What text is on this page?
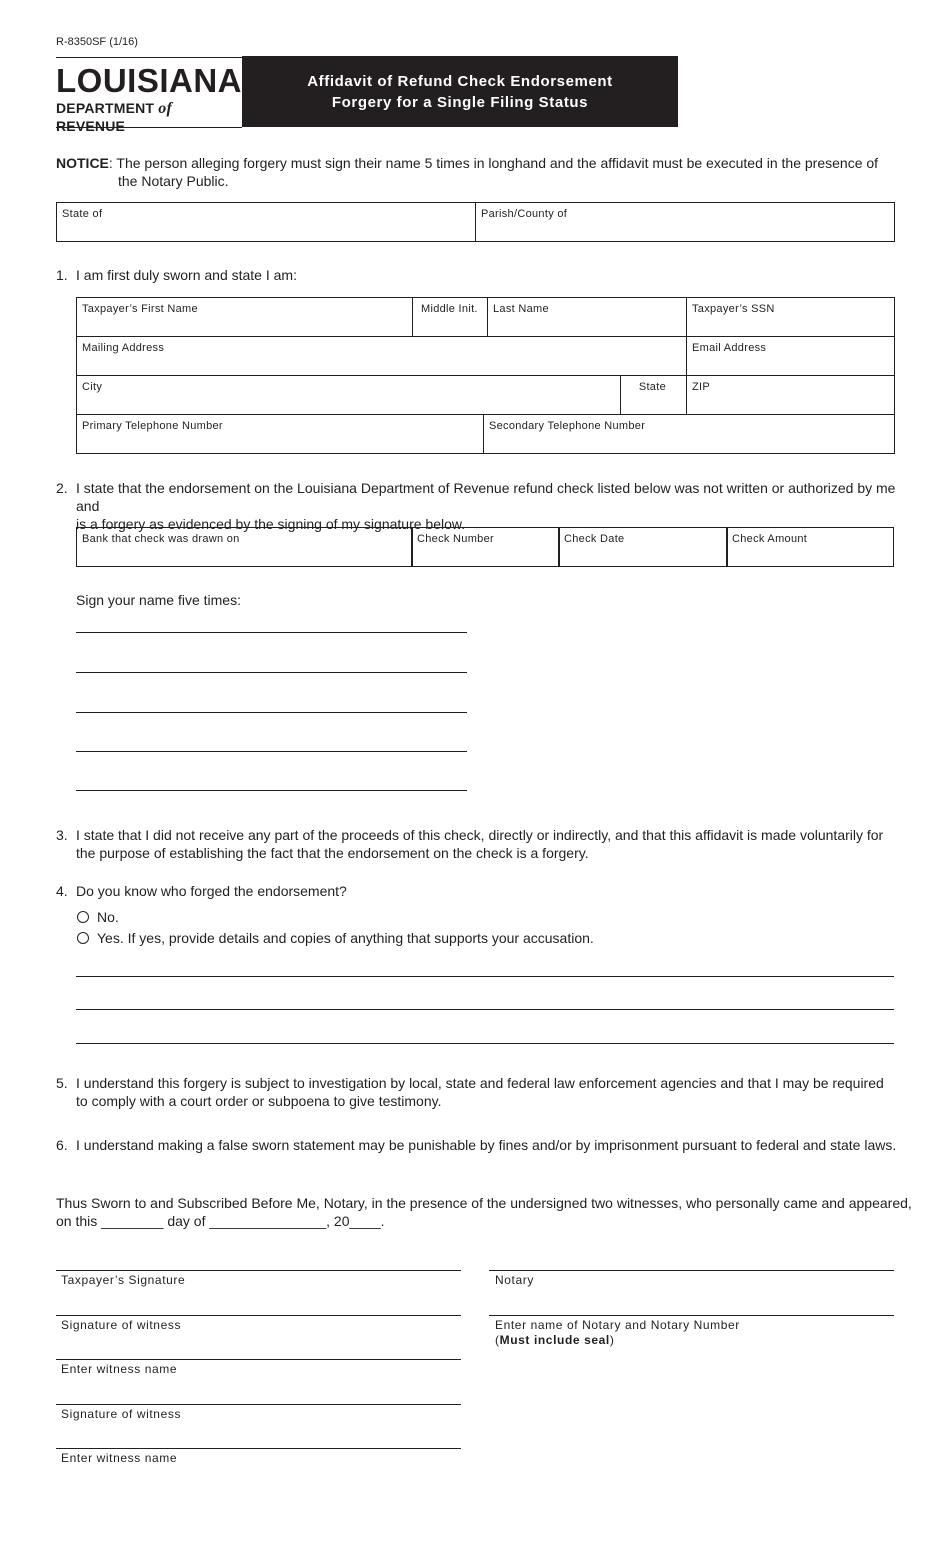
R-8350SF (1/16)
LOUISIANA
DEPARTMENT of REVENUE
Affidavit of Refund Check Endorsement
Forgery for a Single Filing Status
NOTICE: The person alleging forgery must sign their name 5 times in longhand and the affidavit must be executed in the presence of
the Notary Public.
State of	Parish/County of
1. I am first duly sworn and state I am:
Taxpayer’s First Name	Middle Init.	Last Name	Taxpayer’s SSN
Mailing Address	Email Address
City	State	ZIP
Primary Telephone Number	Secondary Telephone Number
2. I state that the endorsement on the Louisiana Department of Revenue refund check listed below was not written or authorized by me and
is a forgery as evidenced by the signing of my signature below.
Bank that check was drawn on	Check Number	Check Date	Check Amount
Sign your name five times:
3. I state that I did not receive any part of the proceeds of this check, directly or indirectly, and that this affidavit is made voluntarily for
the purpose of establishing the fact that the endorsement on the check is a forgery.
4. Do you know who forged the endorsement?
No.
Yes. If yes, provide details and copies of anything that supports your accusation.
5. I understand this forgery is subject to investigation by local, state and federal law enforcement agencies and that I may be required
to comply with a court order or subpoena to give testimony.
6. I understand making a false sworn statement may be punishable by fines and/or by imprisonment pursuant to federal and state laws.
Thus Sworn to and Subscribed Before Me, Notary, in the presence of the undersigned two witnesses, who personally came and appeared,
on this ________ day of _______________, 20____.
Taxpayer’s Signature
Signature of witness
Enter witness name
Signature of witness
Enter witness name
Notary
Enter name of Notary and Notary Number
(Must include seal)
